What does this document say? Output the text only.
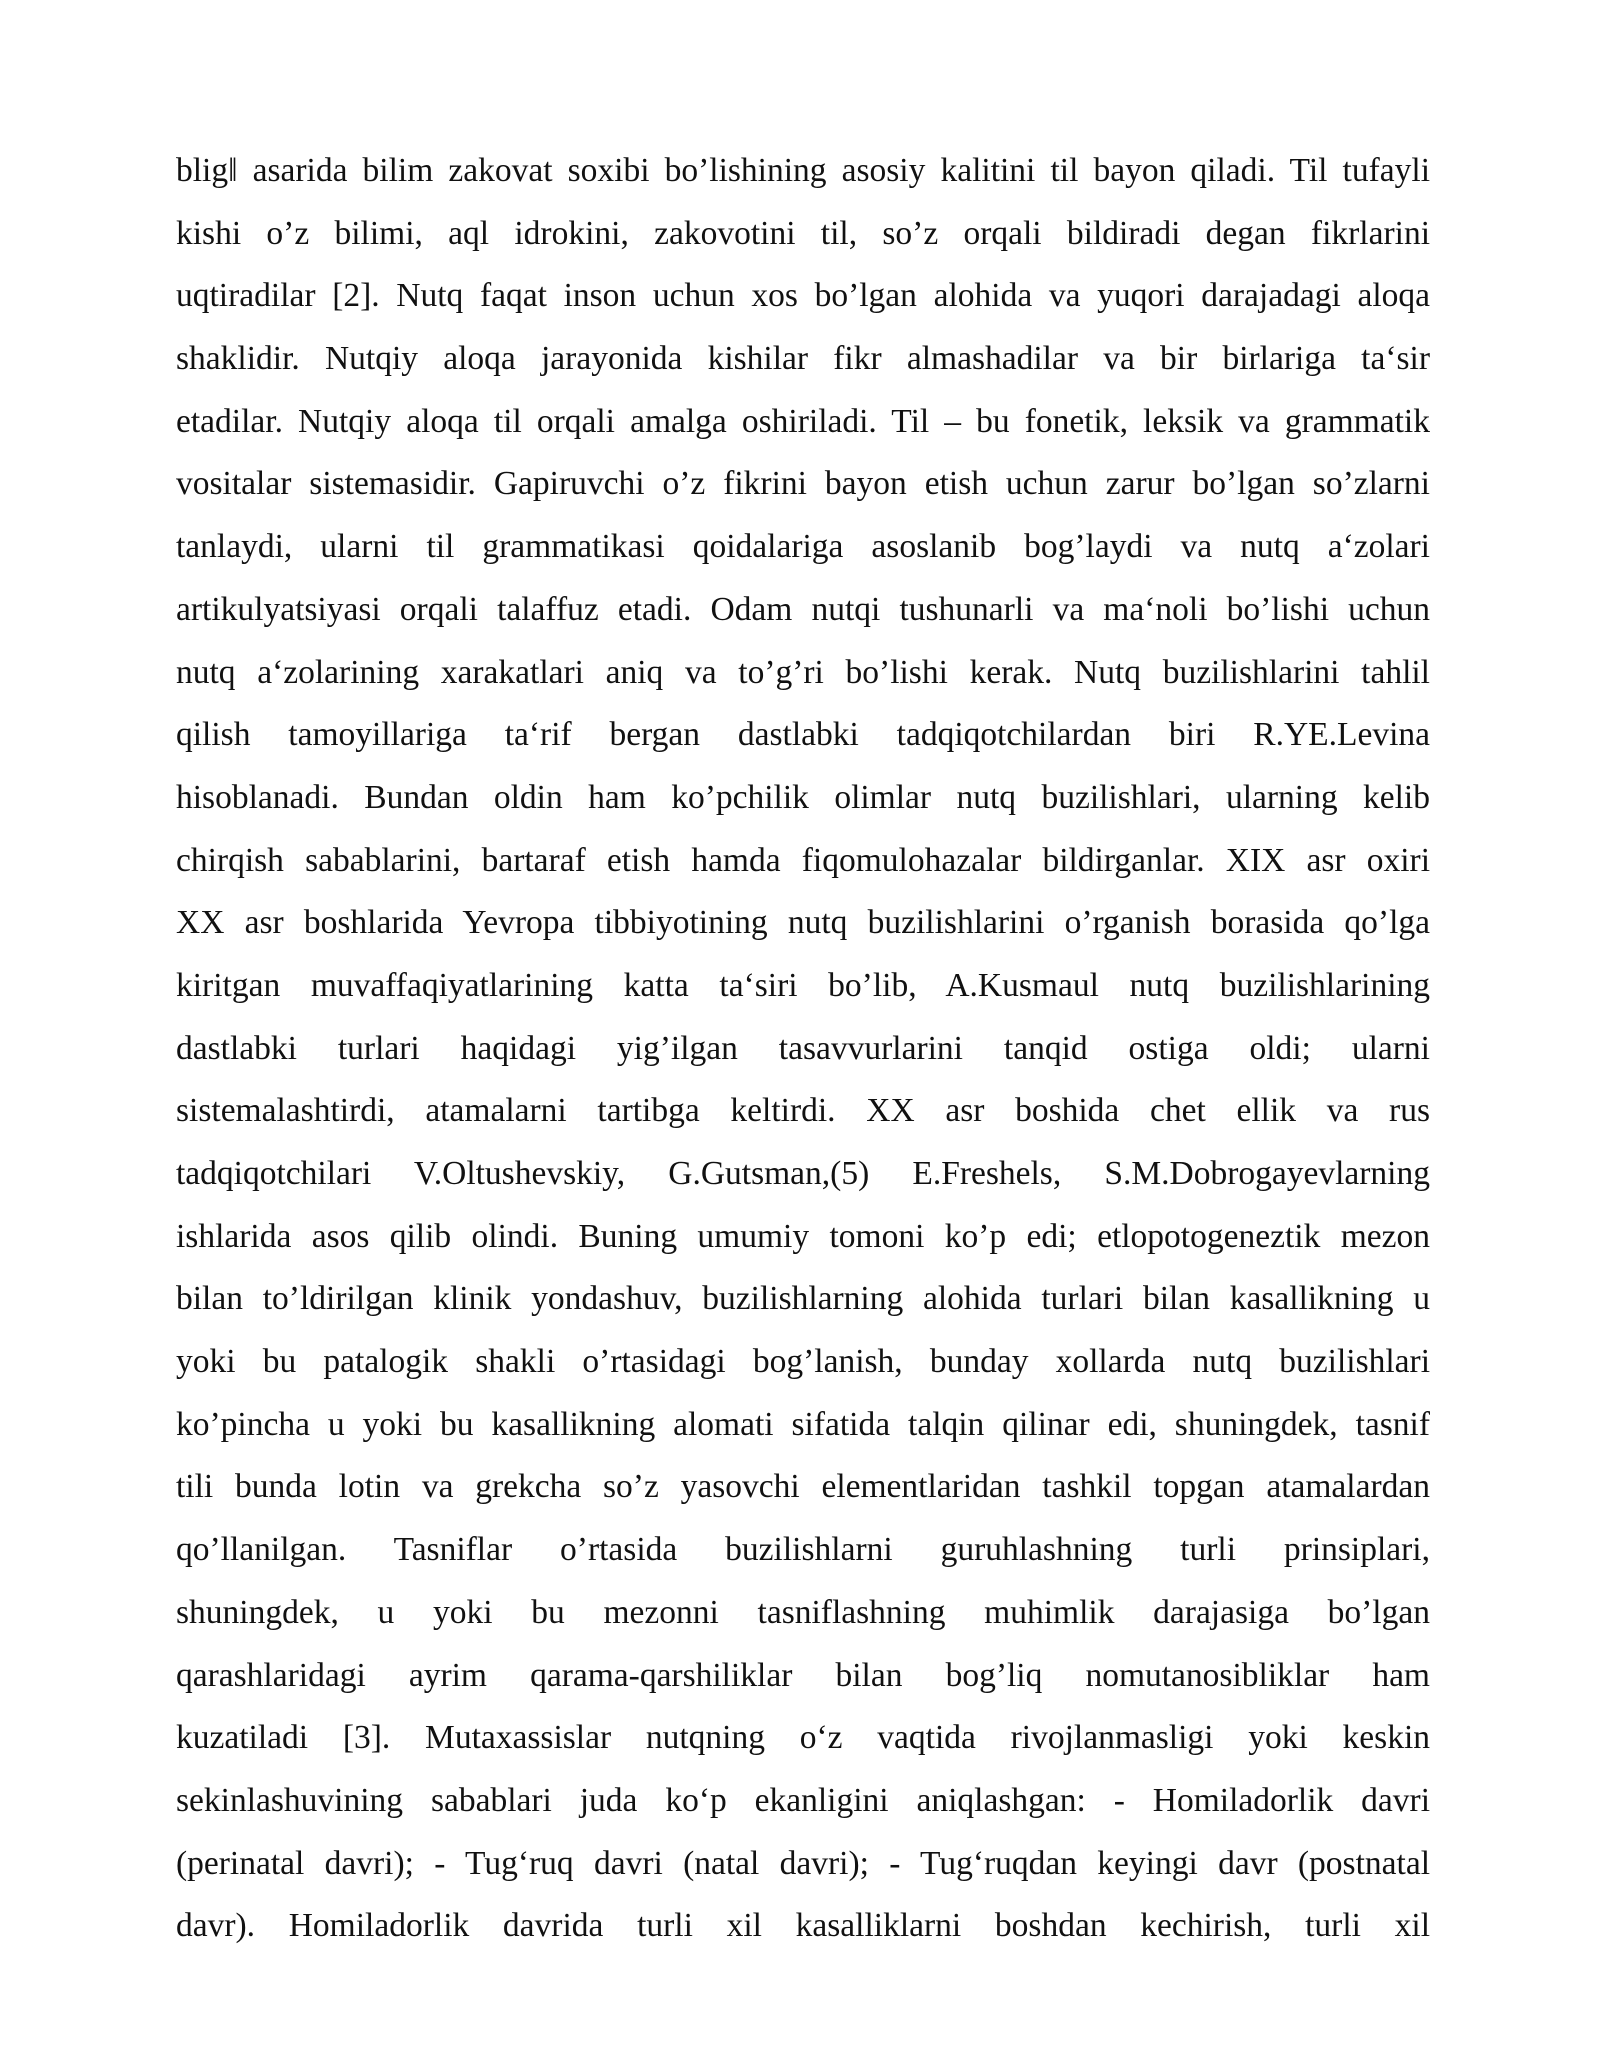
blig‖ asarida bilim zakovat soxibi bo’lishining asosiy kalitini til bayon qiladi. Til tufayli
kishi o’z bilimi, aql idrokini, zakovotini til, so’z orqali bildiradi degan fikrlarini
uqtiradilar [2]. Nutq faqat inson uchun xos bo’lgan alohida va yuqori darajadagi aloqa
shaklidir. Nutqiy aloqa jarayonida kishilar fikr almashadilar va bir birlariga ta‘sir
etadilar. Nutqiy aloqa til orqali amalga oshiriladi. Til – bu fonetik, leksik va grammatik
vositalar sistemasidir. Gapiruvchi o’z fikrini bayon etish uchun zarur bo’lgan so’zlarni
tanlaydi, ularni til grammatikasi qoidalariga asoslanib bog’laydi va nutq a‘zolari
artikulyatsiyasi orqali talaffuz etadi. Odam nutqi tushunarli va ma‘noli bo’lishi uchun
nutq a‘zolarining xarakatlari aniq va to’g’ri bo’lishi kerak. Nutq buzilishlarini tahlil
qilish tamoyillariga ta‘rif bergan dastlabki tadqiqotchilardan biri R.YE.Levina
hisoblanadi. Bundan oldin ham ko’pchilik olimlar nutq buzilishlari, ularning kelib
chirqish sabablarini, bartaraf etish hamda fiqomulohazalar bildirganlar. XIX asr oxiri
XX asr boshlarida Yevropa tibbiyotining nutq buzilishlarini o’rganish borasida qo’lga
kiritgan muvaffaqiyatlarining katta ta‘siri bo’lib, A.Kusmaul nutq buzilishlarining
dastlabki turlari haqidagi yig’ilgan tasavvurlarini tanqid ostiga oldi; ularni
sistemalashtirdi, atamalarni tartibga keltirdi. XX asr boshida chet ellik va rus
tadqiqotchilari V.Oltushevskiy, G.Gutsman,(5) E.Freshels, S.M.Dobrogayevlarning
ishlarida asos qilib olindi. Buning umumiy tomoni ko’p edi; etlopotogeneztik mezon
bilan to’ldirilgan klinik yondashuv, buzilishlarning alohida turlari bilan kasallikning u
yoki bu patalogik shakli o’rtasidagi bog’lanish, bunday xollarda nutq buzilishlari
ko’pincha u yoki bu kasallikning alomati sifatida talqin qilinar edi, shuningdek, tasnif
tili bunda lotin va grekcha so’z yasovchi elementlaridan tashkil topgan atamalardan
qo’llanilgan. Tasniflar o’rtasida buzilishlarni guruhlashning turli prinsiplari,
shuningdek, u yoki bu mezonni tasniflashning muhimlik darajasiga bo’lgan
qarashlaridagi ayrim qarama-qarshiliklar bilan bog’liq nomutanosibliklar ham
kuzatiladi [3]. Mutaxassislar nutqning o‘z vaqtida rivojlanmasligi yoki keskin
sekinlashuvining sabablari juda ko‘p ekanligini aniqlashgan: - Homiladorlik davri
(perinatal davri); - Tug‘ruq davri (natal davri); - Tug‘ruqdan keyingi davr (postnatal
davr). Homiladorlik davrida turli xil kasalliklarni boshdan kechirish, turli xil
